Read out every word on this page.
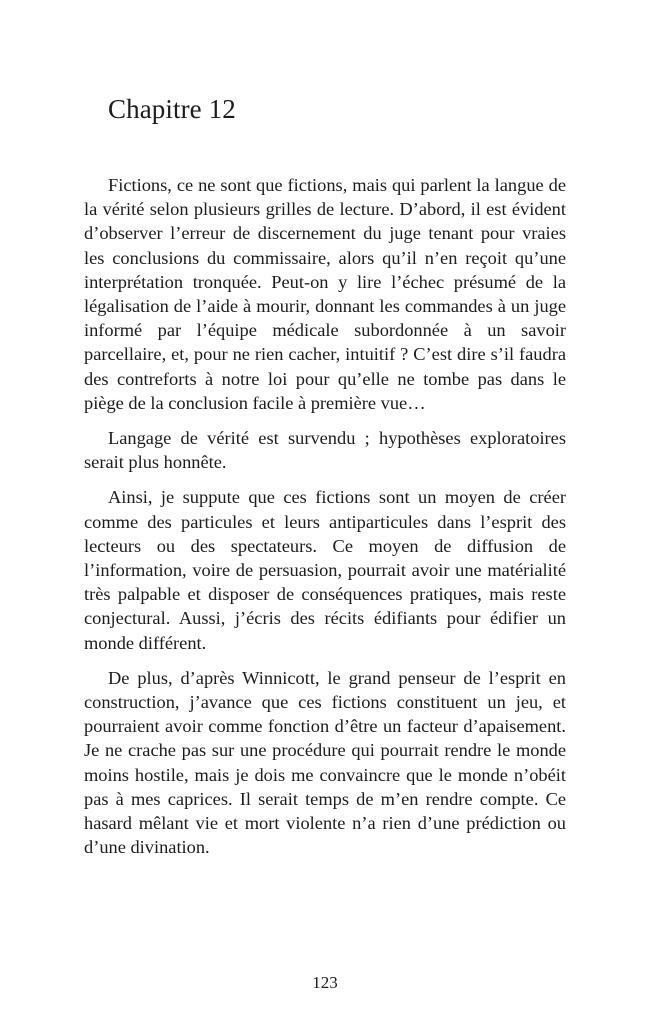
Chapitre 12

Fictions, ce ne sont que fictions, mais qui parlent la langue de la vérité selon plusieurs grilles de lecture. D’abord, il est évident d’observer l’erreur de discernement du juge tenant pour vraies les conclusions du commissaire, alors qu’il n’en reçoit qu’une interprétation tronquée. Peut-on y lire l’échec présumé de la légalisation de l’aide à mourir, donnant les commandes à un juge informé par l’équipe médicale subordonnée à un savoir parcellaire, et, pour ne rien cacher, intuitif ? C’est dire s’il faudra des contreforts à notre loi pour qu’elle ne tombe pas dans le piège de la conclusion facile à première vue…

Langage de vérité est survendu ; hypothèses exploratoires serait plus honnête.

Ainsi, je suppute que ces fictions sont un moyen de créer comme des particules et leurs antiparticules dans l’esprit des lecteurs ou des spectateurs. Ce moyen de diffusion de l’information, voire de persuasion, pourrait avoir une matérialité très palpable et disposer de conséquences pratiques, mais reste conjectural. Aussi, j’écris des récits édifiants pour édifier un monde différent.

De plus, d’après Winnicott, le grand penseur de l’esprit en construction, j’avance que ces fictions constituent un jeu, et pourraient avoir comme fonction d’être un facteur d’apaisement. Je ne crache pas sur une procédure qui pourrait rendre le monde moins hostile, mais je dois me convaincre que le monde n’obéit pas à mes caprices. Il serait temps de m’en rendre compte. Ce hasard mêlant vie et mort violente n’a rien d’une prédiction ou d’une divination.

123
